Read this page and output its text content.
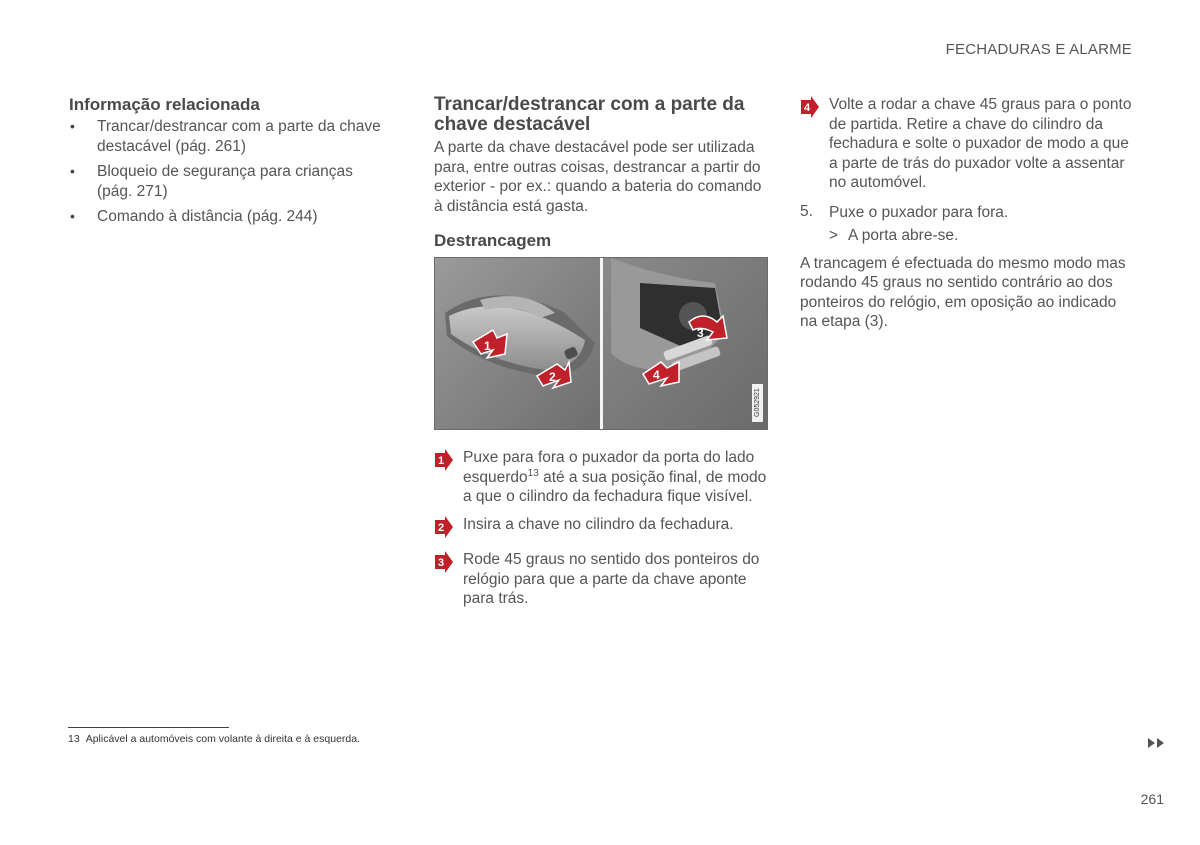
FECHADURAS E ALARME
Informação relacionada
• Trancar/destrancar com a parte da chave destacável (pág. 261)
• Bloqueio de segurança para crianças (pág. 271)
• Comando à distância (pág. 244)
Trancar/destrancar com a parte da chave destacável

A parte da chave destacável pode ser utilizada para, entre outras coisas, destrancar a partir do exterior - por ex.: quando a bateria do comando à distância está gasta.

Destrancagem
1
2
3
4
G052921
1 Puxe para fora o puxador da porta do lado esquerdo$^{13}$ até a sua posição final, de modo a que o cilindro da fechadura fique visível.

2 Insira a chave no cilindro da fechadura.

3 Rode 45 graus no sentido dos ponteiros do relógio para que a parte da chave aponte para trás.

4 Volte a rodar a chave 45 graus para o ponto de partida. Retire a chave do cilindro da fechadura e solte o puxador de modo a que a parte de trás do puxador volte a assentar no automóvel.

5. Puxe o puxador para fora.
> A porta abre-se.

A trancagem é efectuada do mesmo modo mas rodando 45 graus no sentido contrário ao dos ponteiros do relógio, em oposição ao indicado na etapa (3).

13 Aplicável a automóveis com volante à direita e à esquerda.
261
